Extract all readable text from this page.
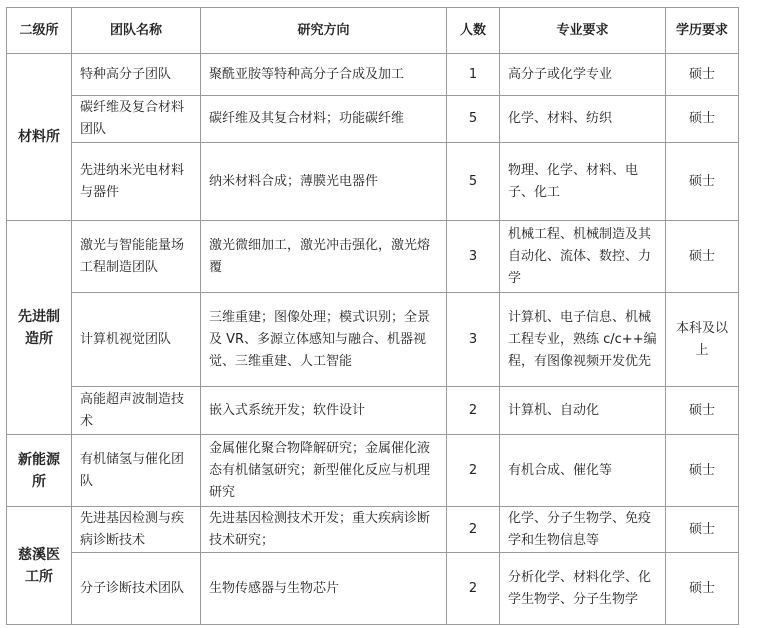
二级所	团队名称	研究方向	人数	专业要求	学历要求
材料所	特种高分子团队	聚酰亚胺等特种高分子合成及加工	1	高分子或化学专业	硕士
	碳纤维及复合材料团队	碳纤维及其复合材料；功能碳纤维	5	化学、材料、纺织	硕士
	先进纳米光电材料与器件	纳米材料合成；薄膜光电器件	5	物理、化学、材料、电子、化工	硕士
先进制造所	激光与智能能量场工程制造团队	激光微细加工，激光冲击强化，激光熔覆	3	机械工程、机械制造及其自动化、流体、数控、力学	硕士
	计算机视觉团队	三维重建；图像处理；模式识别；全景及 VR、多源立体感知与融合、机器视觉、三维重建、人工智能	3	计算机、电子信息、机械工程专业，熟练 c/c++编程，有图像视频开发优先	本科及以上
	高能超声波制造技术	嵌入式系统开发；软件设计	2	计算机、自动化	硕士
新能源所	有机储氢与催化团队	金属催化聚合物降解研究；金属催化液态有机储氢研究；新型催化反应与机理研究	2	有机合成、催化等	硕士
慈溪医工所	先进基因检测与疾病诊断技术	先进基因检测技术开发；重大疾病诊断技术研究；	2	化学、分子生物学、免疫学和生物信息等	硕士
	分子诊断技术团队	生物传感器与生物芯片	2	分析化学、材料化学、化学生物学、分子生物学	硕士
